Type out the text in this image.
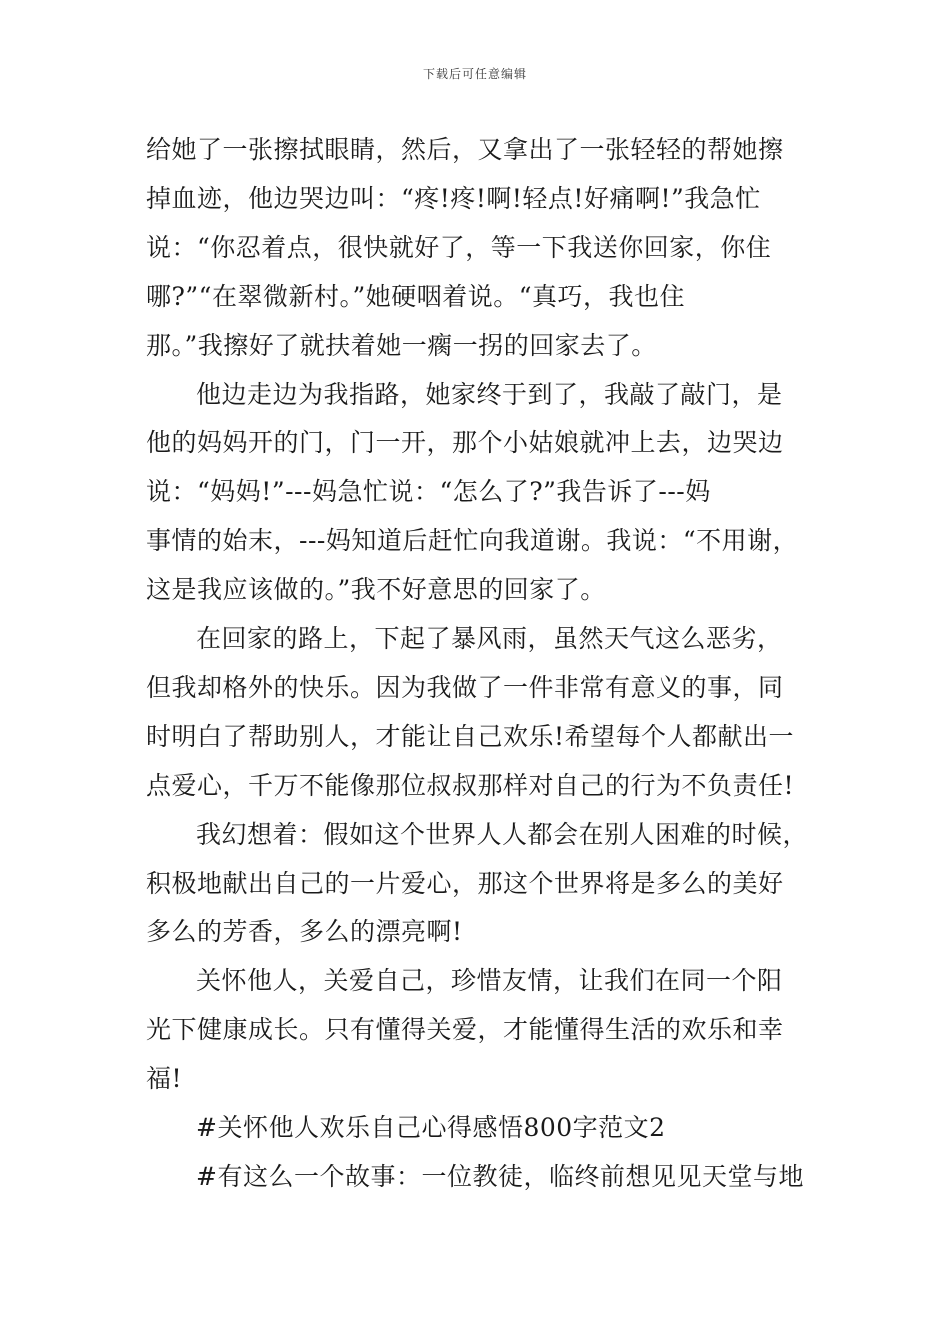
下载后可任意编辑
给她了一张擦拭眼睛，然后，又拿出了一张轻轻的帮她擦
掉血迹，他边哭边叫：“疼!疼!啊!轻点!好痛啊!”我急忙
说：“你忍着点，很快就好了，等一下我送你回家，你住
哪?”“在翠微新村。”她硬咽着说。“真巧，我也住
那。”我擦好了就扶着她一瘸一拐的回家去了。
他边走边为我指路，她家终于到了，我敲了敲门，是
他的妈妈开的门，门一开，那个小姑娘就冲上去，边哭边
说：“妈妈!”---妈急忙说：“怎么了?”我告诉了---妈
事情的始末，---妈知道后赶忙向我道谢。我说：“不用谢，
这是我应该做的。”我不好意思的回家了。
在回家的路上，下起了暴风雨，虽然天气这么恶劣，
但我却格外的快乐。因为我做了一件非常有意义的事，同
时明白了帮助别人，才能让自己欢乐!希望每个人都献出一
点爱心，千万不能像那位叔叔那样对自己的行为不负责任!
我幻想着：假如这个世界人人都会在别人困难的时候，
积极地献出自己的一片爱心，那这个世界将是多么的美好
多么的芳香，多么的漂亮啊!
关怀他人，关爱自己，珍惜友情，让我们在同一个阳
光下健康成长。只有懂得关爱，才能懂得生活的欢乐和幸
福!
#关怀他人欢乐自己心得感悟800字范文2
#有这么一个故事：一位教徒，临终前想见见天堂与地
